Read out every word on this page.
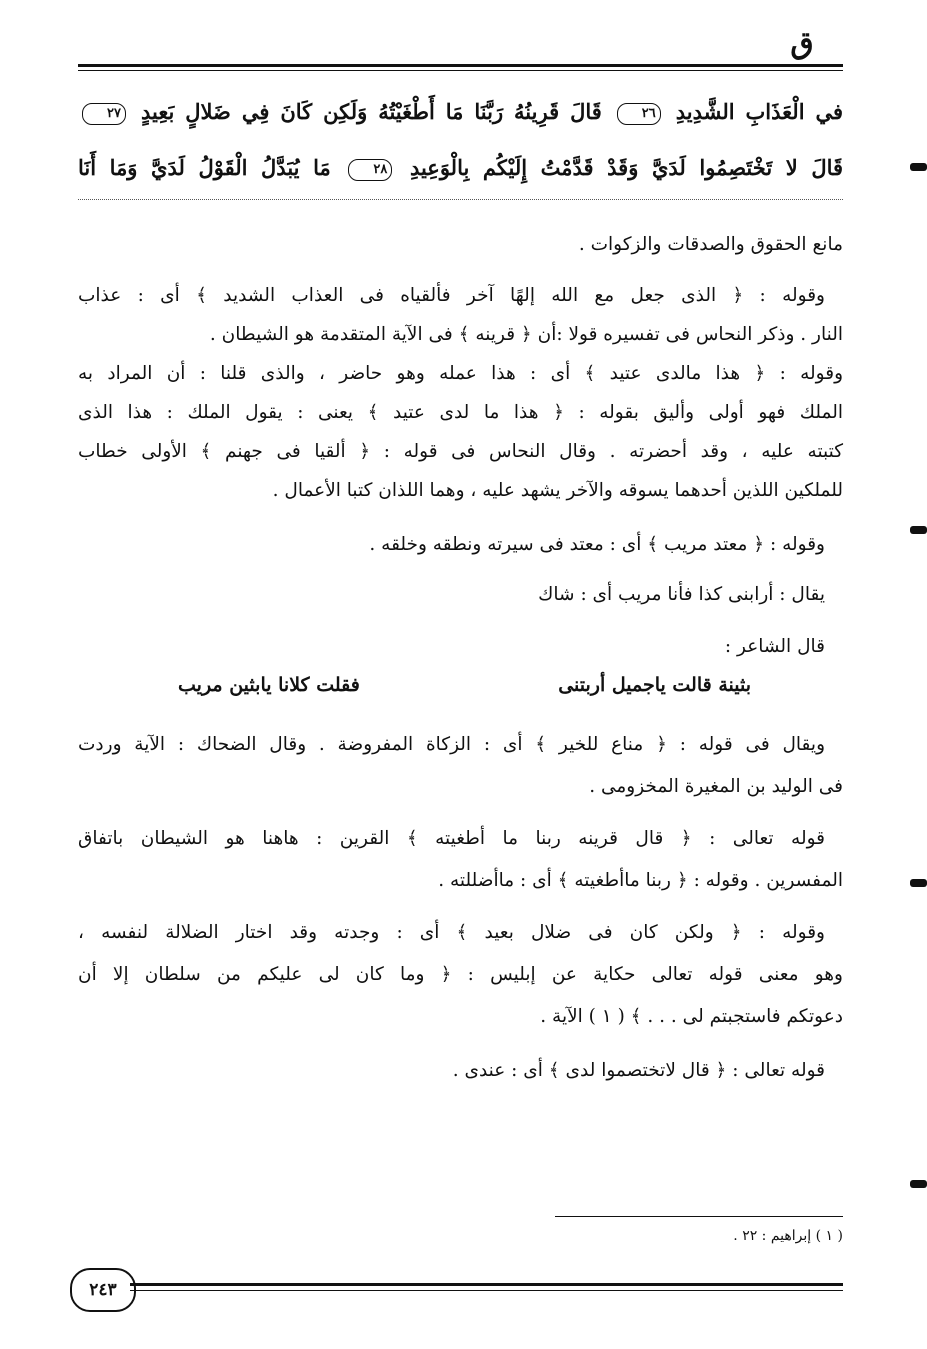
ق
في الْعَذَابِ الشَّدِيدِ ٢٦ قَالَ قَرِينُهُ رَبَّنَا مَا أَطْغَيْتُهُ وَلَكِن كَانَ فِي ضَلالٍ بَعِيدٍ ٢٧
قَالَ لا تَخْتَصِمُوا لَدَيَّ وَقَدْ قَدَّمْتُ إِلَيْكُم بِالْوَعِيدِ ٢٨ مَا يُبَدَّلُ الْقَوْلُ لَدَيَّ وَمَا أَنَا
مانع الحقوق والصدقات والزكوات .
وقوله : ﴿ الذى جعل مع الله إلهًا آخر فألقياه فى العذاب الشديد ﴾ أى : عذاب
النار . وذكر النحاس فى تفسيره قولا :أن ﴿ قرينه ﴾ فى الآية المتقدمة هو الشيطان .
وقوله : ﴿ هذا مالدى عتيد ﴾ أى : هذا عمله وهو حاضر ، والذى قلنا : أن المراد به
الملك فهو أولى وأليق بقوله : ﴿ هذا ما لدى عتيد ﴾ يعنى : يقول الملك : هذا الذى
كتبته عليه ، وقد أحضرته . وقال النحاس فى قوله : ﴿ ألقيا فى جهنم ﴾ الأولى خطاب
للملكين اللذين أحدهما يسوقه والآخر يشهد عليه ، وهما اللذان كتبا الأعمال .
وقوله : ﴿ معتد مريب ﴾ أى : معتد فى سيرته ونطقه وخلقه .
يقال : أرابنى كذا فأنا مريب أى : شاك
قال الشاعر :
بثينة قالت ياجميل أربتنى
فقلت كلانا يابثين مريب
ويقال فى قوله : ﴿ مناع للخير ﴾ أى : الزكاة المفروضة . وقال الضحاك : الآية وردت
فى الوليد بن المغيرة المخزومى .
قوله تعالى : ﴿ قال قرينه ربنا ما أطغيته ﴾ القرين : هاهنا هو الشيطان باتفاق
المفسرين . وقوله : ﴿ ربنا ماأطغيته ﴾ أى : ماأضللته .
وقوله : ﴿ ولكن كان فى ضلال بعيد ﴾ أى : وجدته وقد اختار الضلالة لنفسه ،
وهو معنى قوله تعالى حكاية عن إبليس : ﴿ وما كان لى عليكم من سلطان إلا أن
دعوتكم فاستجبتم لى . . . ﴾ ( ١ ) الآية .
قوله تعالى : ﴿ قال لاتختصموا لدى ﴾ أى : عندى .
( ١ ) إبراهيم : ٢٢ .
٢٤٣
